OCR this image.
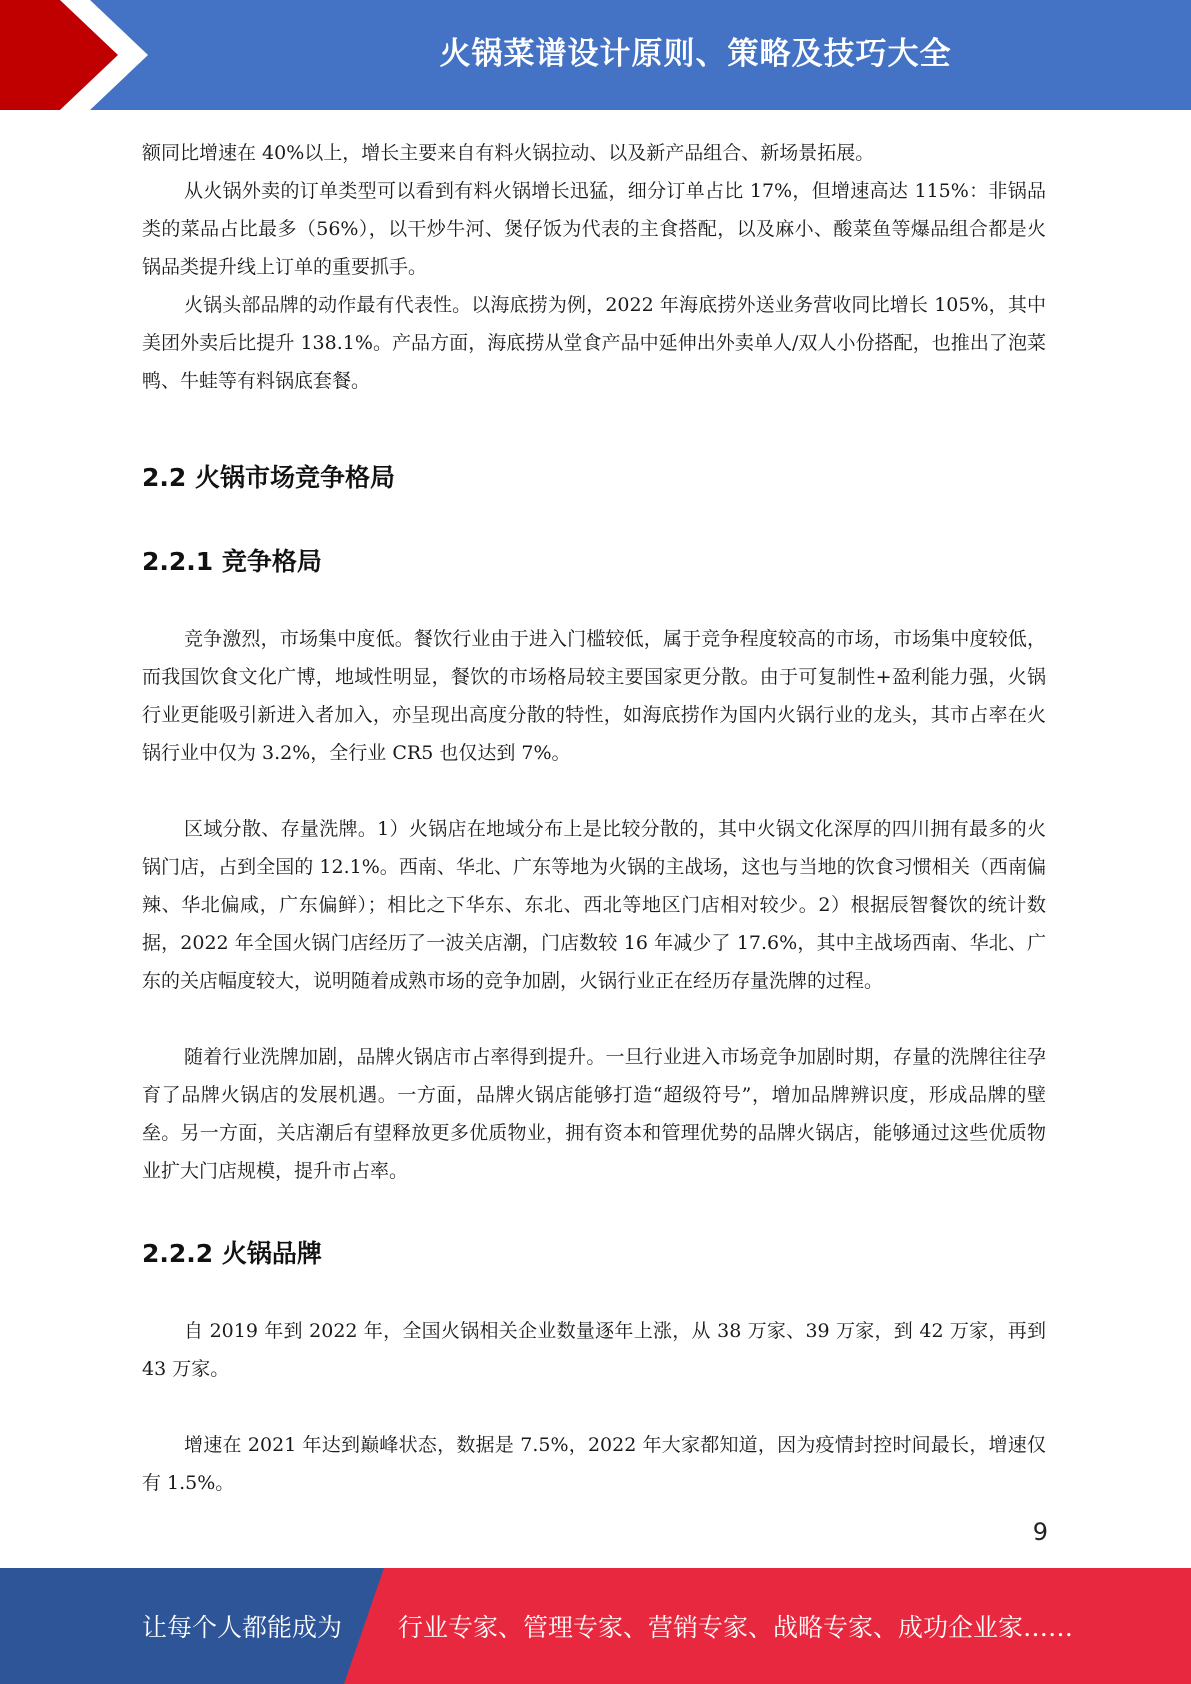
火锅菜谱设计原则、策略及技巧大全

额同比增速在 40%以上，增长主要来自有料火锅拉动、以及新产品组合、新场景拓展。

从火锅外卖的订单类型可以看到有料火锅增长迅猛，细分订单占比 17%，但增速高达 115%：非锅品类的菜品占比最多（56%），以干炒牛河、煲仔饭为代表的主食搭配，以及麻小、酸菜鱼等爆品组合都是火锅品类提升线上订单的重要抓手。

火锅头部品牌的动作最有代表性。以海底捞为例，2022 年海底捞外送业务营收同比增长 105%，其中美团外卖后比提升 138.1%。产品方面，海底捞从堂食产品中延伸出外卖单人/双人小份搭配，也推出了泡菜鸭、牛蛙等有料锅底套餐。

2.2 火锅市场竞争格局
2.2.1 竞争格局

竞争激烈，市场集中度低。餐饮行业由于进入门槛较低，属于竞争程度较高的市场，市场集中度较低，而我国饮食文化广博，地域性明显，餐饮的市场格局较主要国家更分散。由于可复制性+盈利能力强，火锅行业更能吸引新进入者加入，亦呈现出高度分散的特性，如海底捞作为国内火锅行业的龙头，其市占率在火锅行业中仅为 3.2%，全行业 CR5 也仅达到 7%。

区域分散、存量洗牌。1）火锅店在地域分布上是比较分散的，其中火锅文化深厚的四川拥有最多的火锅门店，占到全国的 12.1%。西南、华北、广东等地为火锅的主战场，这也与当地的饮食习惯相关（西南偏辣、华北偏咸，广东偏鲜）；相比之下华东、东北、西北等地区门店相对较少。2）根据辰智餐饮的统计数据，2022 年全国火锅门店经历了一波关店潮，门店数较 16 年减少了 17.6%，其中主战场西南、华北、广东的关店幅度较大，说明随着成熟市场的竞争加剧，火锅行业正在经历存量洗牌的过程。

随着行业洗牌加剧，品牌火锅店市占率得到提升。一旦行业进入市场竞争加剧时期，存量的洗牌往往孕育了品牌火锅店的发展机遇。一方面，品牌火锅店能够打造“超级符号”，增加品牌辨识度，形成品牌的壁垒。另一方面，关店潮后有望释放更多优质物业，拥有资本和管理优势的品牌火锅店，能够通过这些优质物业扩大门店规模，提升市占率。

2.2.2 火锅品牌

自 2019 年到 2022 年，全国火锅相关企业数量逐年上涨，从 38 万家、39 万家，到 42 万家，再到 43 万家。

增速在 2021 年达到巅峰状态，数据是 7.5%，2022 年大家都知道，因为疫情封控时间最长，增速仅有 1.5%。

9
让每个人都能成为 行业专家、管理专家、营销专家、战略专家、成功企业家……
